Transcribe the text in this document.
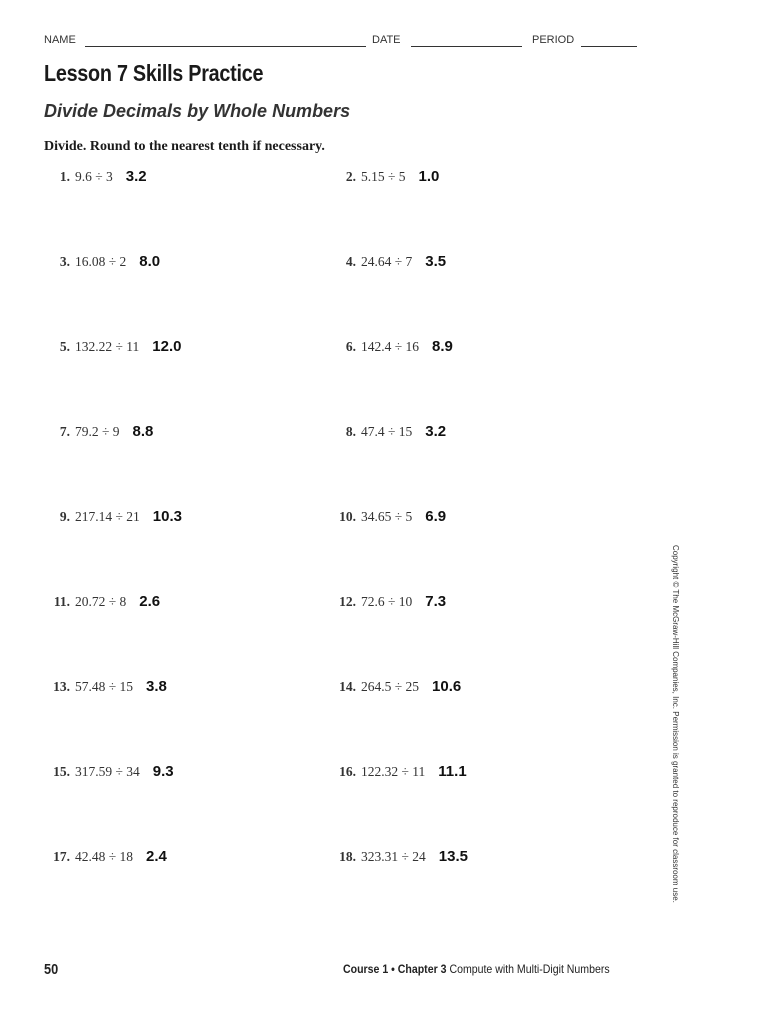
NAME	DATE	PERIOD
Lesson 7 Skills Practice
Divide Decimals by Whole Numbers

Divide. Round to the nearest tenth if necessary.

1. 9.6 ÷ 3 3.2	2. 5.15 ÷ 5 1.0
3. 16.08 ÷ 2 8.0	4. 24.64 ÷ 7 3.5
5. 132.22 ÷ 11 12.0	6. 142.4 ÷ 16 8.9
7. 79.2 ÷ 9 8.8	8. 47.4 ÷ 15 3.2
9. 217.14 ÷ 21 10.3	10. 34.65 ÷ 5 6.9
11. 20.72 ÷ 8 2.6	12. 72.6 ÷ 10 7.3
13. 57.48 ÷ 15 3.8	14. 264.5 ÷ 25 10.6
15. 317.59 ÷ 34 9.3	16. 122.32 ÷ 11 11.1
17. 42.48 ÷ 18 2.4	18. 323.31 ÷ 24 13.5	Copyright © The McGraw-Hill Companies, Inc. Permission is granted to reproduce for classroom use.
50	Course 1 • Chapter 3 Compute with Multi-Digit Numbers
